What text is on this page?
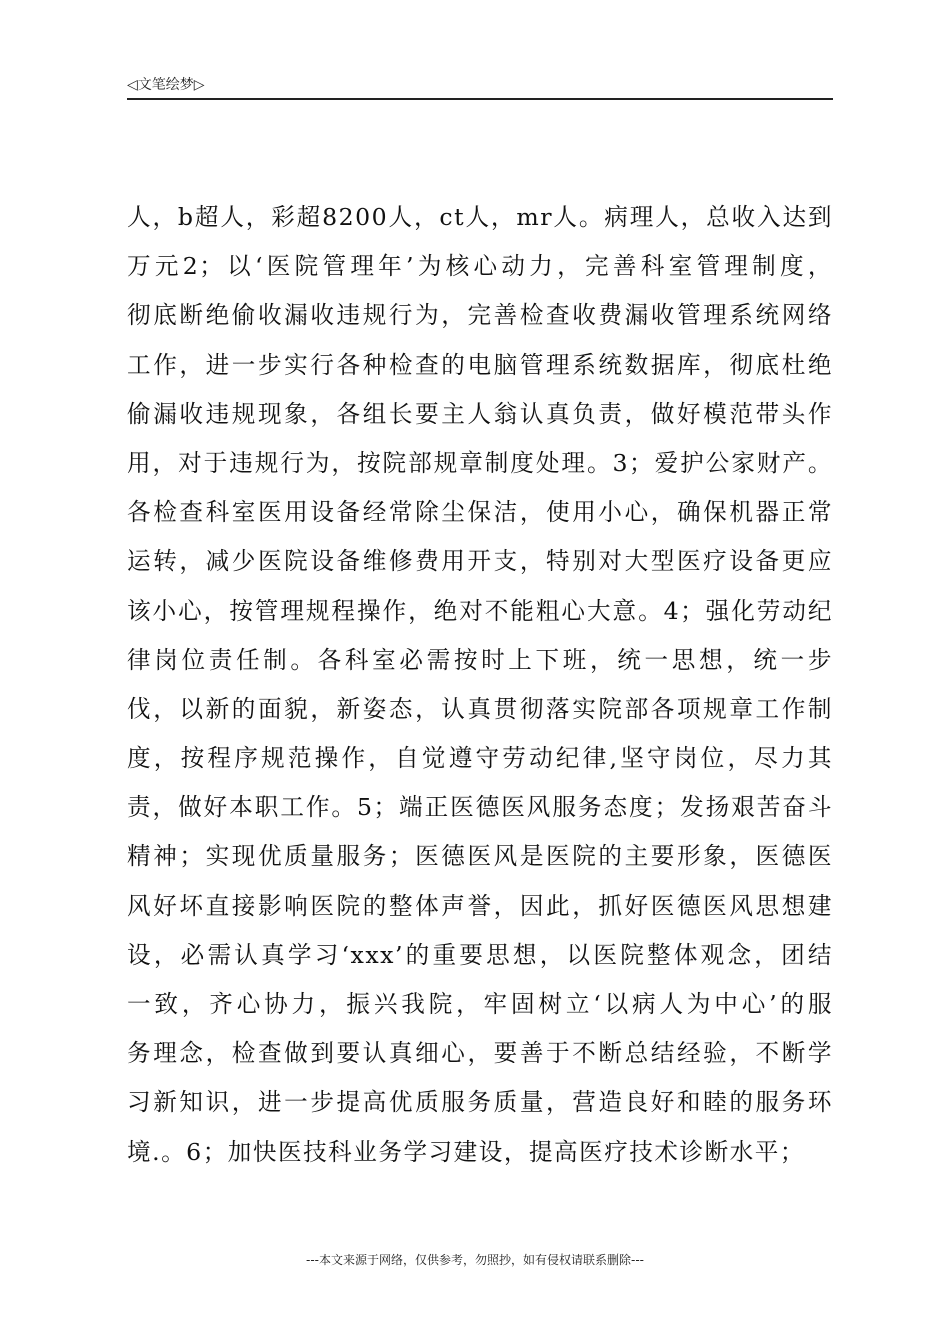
◁文笔绘梦▷
人，b超人，彩超8200人，ct人，mr人。病理人，总收入达到
万元2；以‘医院管理年’为核心动力，完善科室管理制度，
彻底断绝偷收漏收违规行为，完善检查收费漏收管理系统网络
工作，进一步实行各种检查的电脑管理系统数据库，彻底杜绝
偷漏收违规现象，各组长要主人翁认真负责，做好模范带头作
用，对于违规行为，按院部规章制度处理。3；爱护公家财产。
各检查科室医用设备经常除尘保洁，使用小心，确保机器正常
运转，减少医院设备维修费用开支，特别对大型医疗设备更应
该小心，按管理规程操作，绝对不能粗心大意。4；强化劳动纪
律岗位责任制。各科室必需按时上下班，统一思想，统一步
伐，以新的面貌，新姿态，认真贯彻落实院部各项规章工作制
度，按程序规范操作，自觉遵守劳动纪律,坚守岗位，尽力其
责，做好本职工作。5；端正医德医风服务态度；发扬艰苦奋斗
精神；实现优质量服务；医德医风是医院的主要形象，医德医
风好坏直接影响医院的整体声誉，因此，抓好医德医风思想建
设，必需认真学习‘xxx’的重要思想，以医院整体观念，团结
一致，齐心协力，振兴我院，牢固树立‘以病人为中心’的服
务理念，检查做到要认真细心，要善于不断总结经验，不断学
习新知识，进一步提高优质服务质量，营造良好和睦的服务环
境.。6；加快医技科业务学习建设，提高医疗技术诊断水平；
---本文来源于网络，仅供参考，勿照抄，如有侵权请联系删除---
